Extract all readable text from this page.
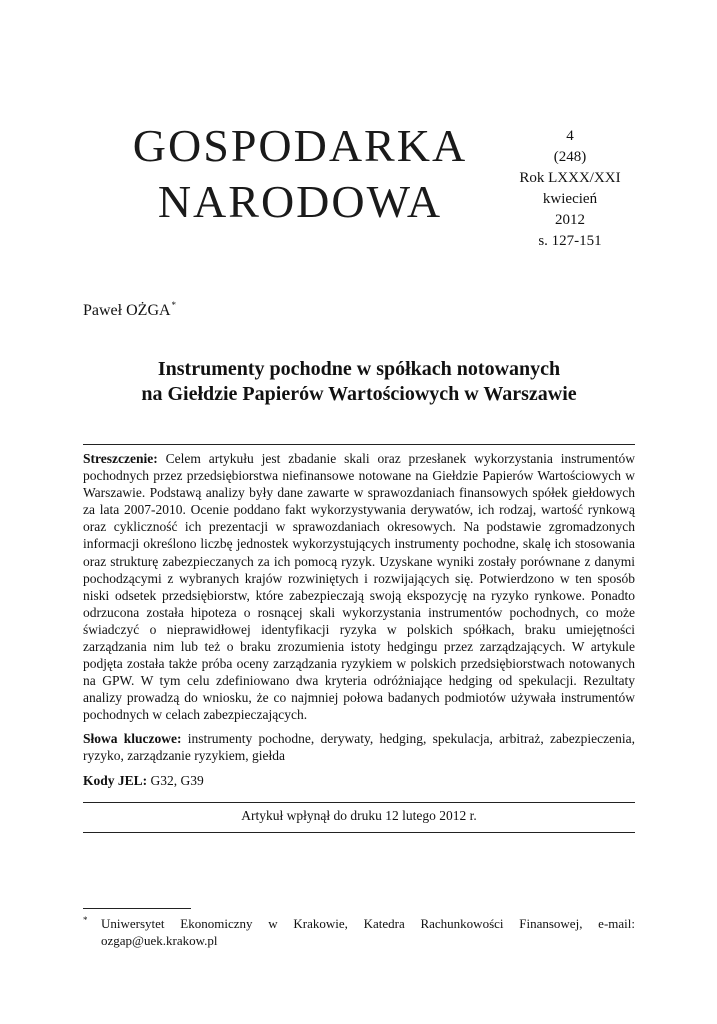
GOSPODARKA
NARODOWA
4
(248)
Rok LXXX/XXI
kwiecień
2012
s. 127-151
Paweł OŻGA*
Instrumenty pochodne w spółkach notowanych
na Giełdzie Papierów Wartościowych w Warszawie

Streszczenie: Celem artykułu jest zbadanie skali oraz przesłanek wykorzystania instrumentów pochodnych przez przedsiębiorstwa niefinansowe notowane na Giełdzie Papierów Wartościowych w Warszawie. Podstawą analizy były dane zawarte w sprawozdaniach finansowych spółek giełdowych za lata 2007-2010. Ocenie poddano fakt wykorzystywania derywatów, ich rodzaj, wartość rynkową oraz cykliczność ich prezentacji w sprawozdaniach okresowych. Na podstawie zgromadzonych informacji określono liczbę jednostek wykorzystujących instrumenty pochodne, skalę ich stosowania oraz strukturę zabezpieczanych za ich pomocą ryzyk. Uzyskane wyniki zostały porównane z danymi pochodzącymi z wybranych krajów rozwiniętych i rozwijających się. Potwierdzono w ten sposób niski odsetek przedsiębiorstw, które zabezpieczają swoją ekspozycję na ryzyko rynkowe. Ponadto odrzucona została hipoteza o rosnącej skali wykorzystania instrumentów pochodnych, co może świadczyć o nieprawidłowej identyfikacji ryzyka w polskich spółkach, braku umiejętności zarządzania nim lub też o braku zrozumienia istoty hedgingu przez zarządzających. W artykule podjęta została także próba oceny zarządzania ryzykiem w polskich przedsiębiorstwach notowanych na GPW. W tym celu zdefiniowano dwa kryteria odróżniające hedging od spekulacji. Rezultaty analizy prowadzą do wniosku, że co najmniej połowa badanych podmiotów używała instrumentów pochodnych w celach zabezpieczających.

Słowa kluczowe: instrumenty pochodne, derywaty, hedging, spekulacja, arbitraż, zabezpieczenia, ryzyko, zarządzanie ryzykiem, giełda

Kody JEL: G32, G39

Artykuł wpłynął do druku 12 lutego 2012 r.
* Uniwersytet Ekonomiczny w Krakowie, Katedra Rachunkowości Finansowej, e-mail: ozgap@uek.krakow.pl
